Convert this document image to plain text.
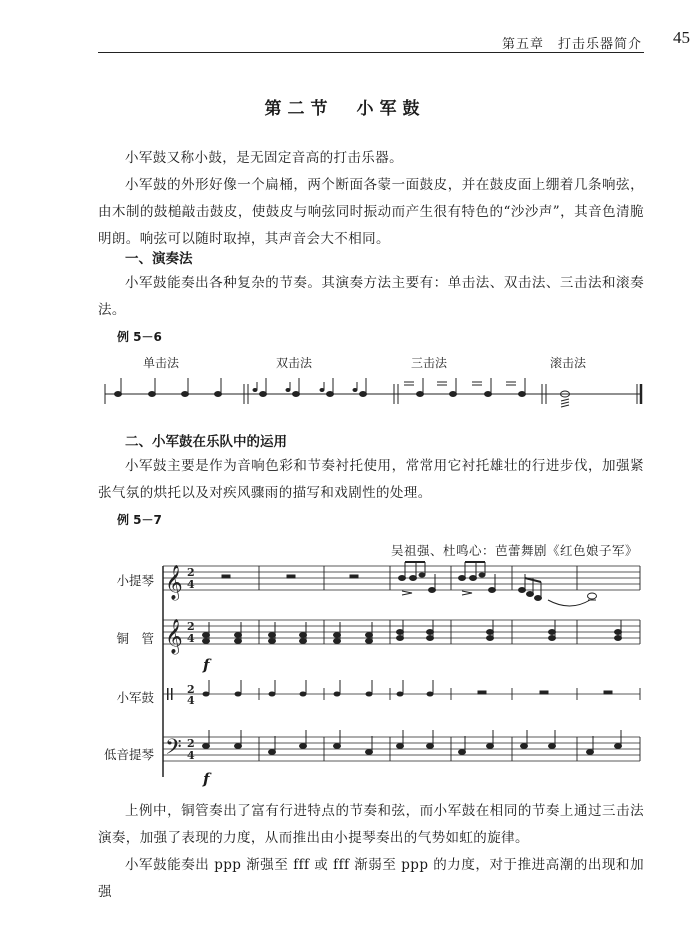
第五章　打击乐器简介 45
第二节　小军鼓
小军鼓又称小鼓，是无固定音高的打击乐器。
小军鼓的外形好像一个扁桶，两个断面各蒙一面鼓皮，并在鼓皮面上绷着几条响弦，由木制的鼓槌敲击鼓皮，使鼓皮与响弦同时振动而产生很有特色的“沙沙声”，其音色清脆明朗。响弦可以随时取掉，其声音会大不相同。
一、演奏法
小军鼓能奏出各种复杂的节奏。其演奏方法主要有：单击法、双击法、三击法和滚奏法。
例 5－6
单击法	双击法	三击法	滚击法
二、小军鼓在乐队中的运用
小军鼓主要是作为音响色彩和节奏衬托使用，常常用它衬托雄壮的行进步伐，加强紧张气氛的烘托以及对疾风骤雨的描写和戏剧性的处理。
例 5－7
吴祖强、杜鸣心：芭蕾舞剧《红色娘子军》
小提琴
铜　管
小军鼓
低音提琴
上例中，铜管奏出了富有行进特点的节奏和弦，而小军鼓在相同的节奏上通过三击法演奏，加强了表现的力度，从而推出由小提琴奏出的气势如虹的旋律。
小军鼓能奏出 ppp 渐强至 fff 或 fff 渐弱至 ppp 的力度，对于推进高潮的出现和加强
𝄞
𝄞
𝄢
2
4
2
4
2
4
2
4
f
f
